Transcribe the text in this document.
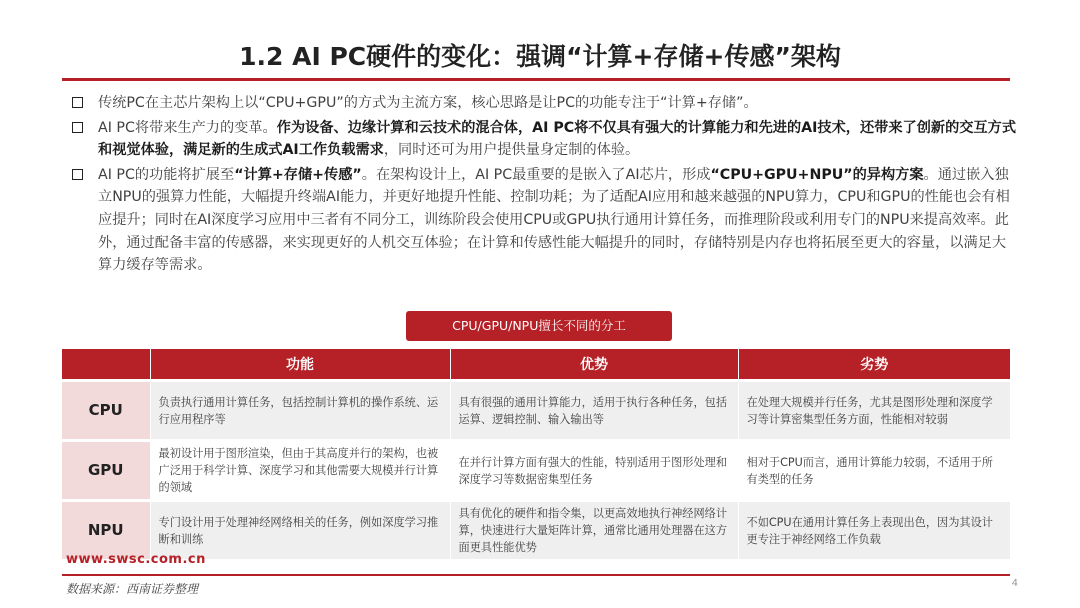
1.2 AI PC硬件的变化：强调“计算+存储+传感”架构
传统PC在主芯片架构上以“CPU+GPU”的方式为主流方案，核心思路是让PC的功能专注于“计算+存储”。
AI PC将带来生产力的变革。作为设备、边缘计算和云技术的混合体，AI PC将不仅具有强大的计算能力和先进的AI技术，还带来了创新的交互方式和视觉体验，满足新的生成式AI工作负载需求，同时还可为用户提供量身定制的体验。
AI PC的功能将扩展至“计算+存储+传感”。在架构设计上，AI PC最重要的是嵌入了AI芯片，形成“CPU+GPU+NPU”的异构方案。通过嵌入独立NPU的强算力性能，大幅提升终端AI能力，并更好地提升性能、控制功耗；为了适配AI应用和越来越强的NPU算力，CPU和GPU的性能也会有相应提升；同时在AI深度学习应用中三者有不同分工，训练阶段会使用CPU或GPU执行通用计算任务，而推理阶段或利用专门的NPU来提高效率。此外，通过配备丰富的传感器，来实现更好的人机交互体验；在计算和传感性能大幅提升的同时，存储特别是内存也将拓展至更大的容量，以满足大算力缓存等需求。
CPU/GPU/NPU擅长不同的分工
	功能	优势	劣势
CPU	负责执行通用计算任务，包括控制计算机的操作系统、运行应用程序等	具有很强的通用计算能力，适用于执行各种任务，包括运算、逻辑控制、输入输出等	在处理大规模并行任务，尤其是图形处理和深度学习等计算密集型任务方面，性能相对较弱
GPU	最初设计用于图形渲染，但由于其高度并行的架构，也被广泛用于科学计算、深度学习和其他需要大规模并行计算的领域	在并行计算方面有强大的性能，特别适用于图形处理和深度学习等数据密集型任务	相对于CPU而言，通用计算能力较弱，不适用于所有类型的任务
NPU	专门设计用于处理神经网络相关的任务，例如深度学习推断和训练	具有优化的硬件和指令集，以更高效地执行神经网络计算，快速进行大量矩阵计算，通常比通用处理器在这方面更具性能优势	不如CPU在通用计算任务上表现出色，因为其设计更专注于神经网络工作负载
www.swsc.com.cn
数据来源：西南证券整理	4
